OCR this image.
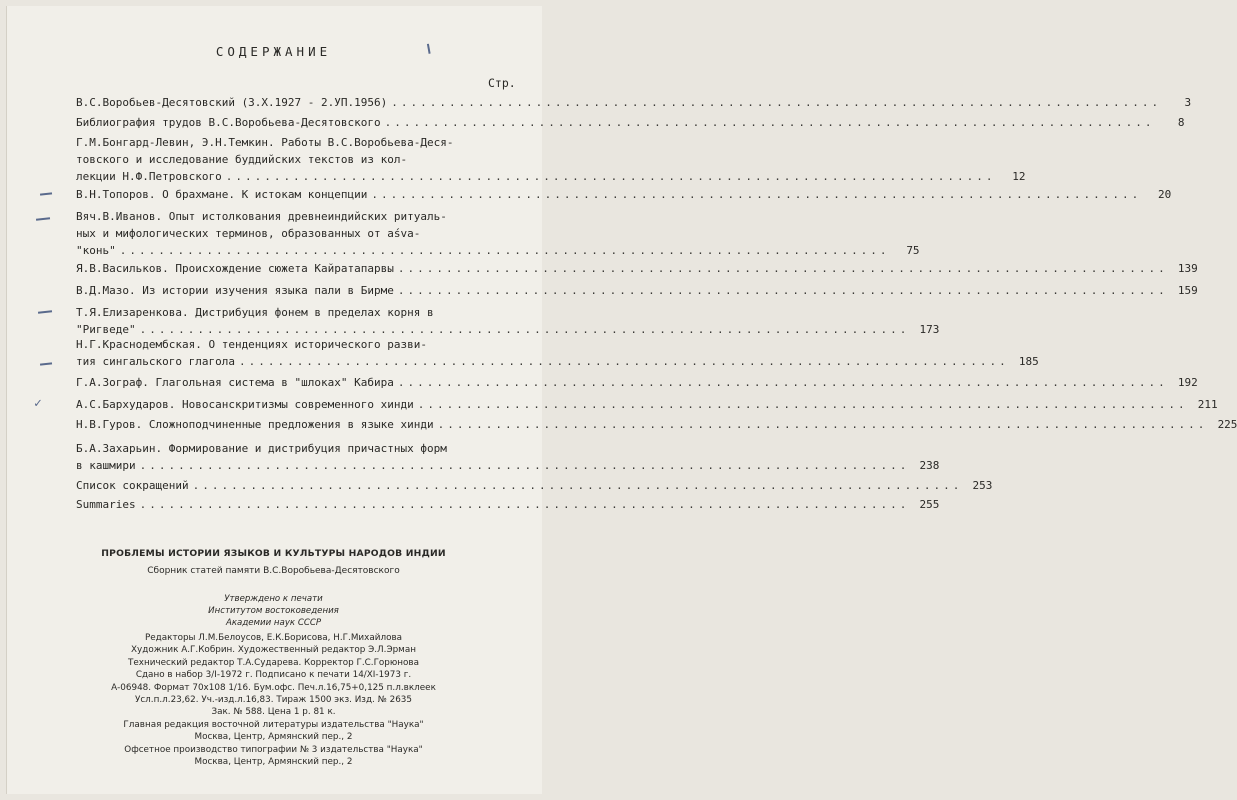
СОДЕРЖАНИЕ
Стр.
В.С.Воробьев-Десятовский (3.X.1927 - 2.УП.1956) ................................................................................	3
Библиография трудов В.С.Воробьева-Десятовского ................................................................................	8
Г.М.Бонгард-Левин, Э.Н.Темкин. Работы В.С.Воробьева-Деся-
товского и исследование буддийских текстов из кол-
лекции Н.Ф.Петровского ................................................................................	12
В.Н.Топоров. О брахмане. К истокам концепции ................................................................................	20
Вяч.В.Иванов. Опыт истолкования древнеиндийских ритуаль-
ных и мифологических терминов, образованных от aśva-
"конь" ................................................................................	75
Я.В.Васильков. Происхождение сюжета Кайратапарвы ................................................................................ 139
В.Д.Мазо. Из истории изучения языка пали в Бирме ................................................................................ 159
Т.Я.Елизаренкова. Дистрибуция фонем в пределах корня в
"Ригведе" ................................................................................ 173
Н.Г.Краснодембская. О тенденциях исторического разви-
тия сингальского глагола ................................................................................ 185
Г.А.Зограф. Глагольная система в "шлоках" Кабира ................................................................................ 192
А.С.Бархударов. Новосанскритизмы современного хинди ................................................................................ 211
Н.В.Гуров. Сложноподчиненные предложения в языке хинди ................................................................................ 225
Б.А.Захарьин. Формирование и дистрибуция причастных форм
в кашмири ................................................................................ 238
Список сокращений ................................................................................ 253
Summaries ................................................................................ 255
✓
ПРОБЛЕМЫ ИСТОРИИ ЯЗЫКОВ И КУЛЬТУРЫ НАРОДОВ ИНДИИ
Сборник статей памяти В.С.Воробьева-Десятовского
Утверждено к печати
Институтом востоковедения
Академии наук СССР
Редакторы Л.М.Белоусов, Е.К.Борисова, Н.Г.Михайлова
Художник А.Г.Кобрин. Художественный редактор Э.Л.Эрман
Технический редактор Т.А.Сударева. Корректор Г.С.Горюнова
Сдано в набор 3/I-1972 г. Подписано к печати 14/XI-1973 г.
А-06948. Формат 70х108 1/16. Бум.офс. Печ.л.16,75+0,125 п.л.вклеек
Усл.п.л.23,62. Уч.-изд.л.16,83. Тираж 1500 экз. Изд. № 2635
Зак. № 588. Цена 1 р. 81 к.
Главная редакция восточной литературы издательства "Наука"
Москва, Центр, Армянский пер., 2
Офсетное производство типографии № 3 издательства "Наука"
Москва, Центр, Армянский пер., 2
